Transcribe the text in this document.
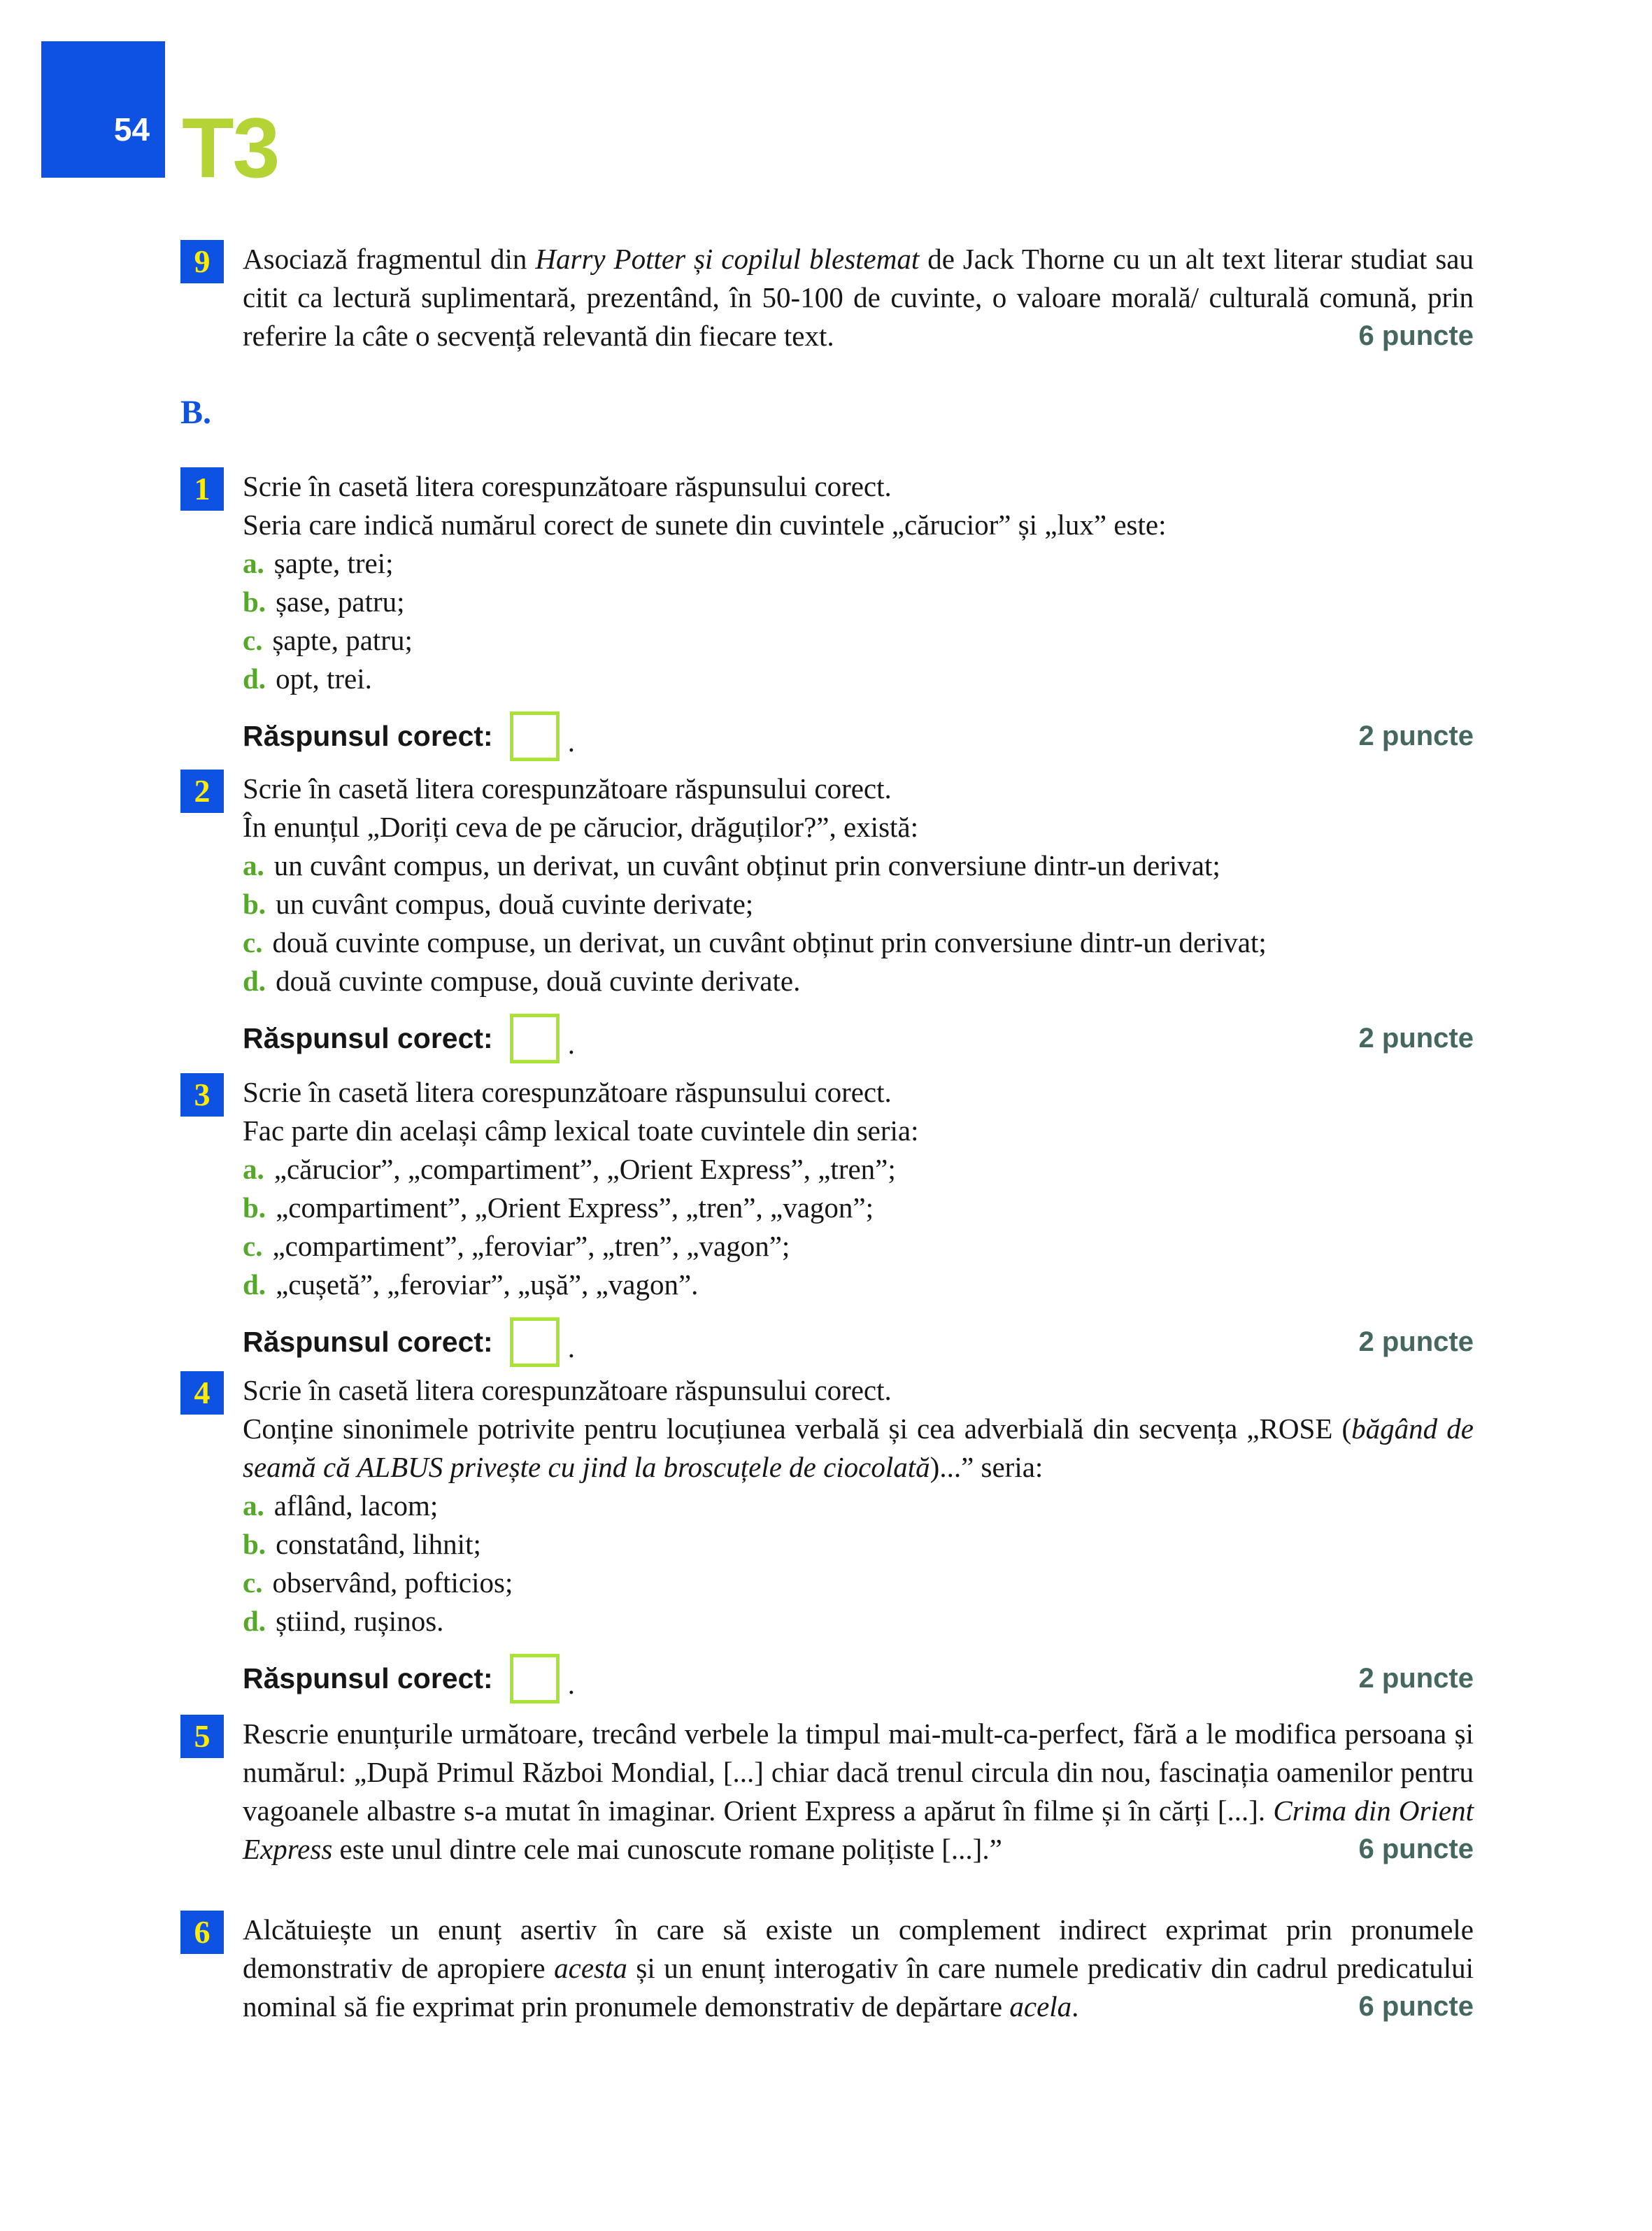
54 T3
9	Asociază fragmentul din Harry Potter și copilul blestemat de Jack Thorne cu un alt text literar studiat sau citit ca lectură suplimentară, prezentând, în 50-100 de cuvinte, o valoare morală/ culturală comună, prin referire la câte o secvență relevantă din fiecare text.	6 puncte
B.
1	Scrie în casetă litera corespunzătoare răspunsului corect.
Seria care indică numărul corect de sunete din cuvintele „cărucior” și „lux” este:
a. șapte, trei;
b. șase, patru;
c. șapte, patru;
d. opt, trei.
Răspunsul corect:	.	2 puncte
2	Scrie în casetă litera corespunzătoare răspunsului corect.
În enunțul „Doriți ceva de pe cărucior, drăguților?”, există:
a. un cuvânt compus, un derivat, un cuvânt obținut prin conversiune dintr-un derivat;
b. un cuvânt compus, două cuvinte derivate;
c. două cuvinte compuse, un derivat, un cuvânt obținut prin conversiune dintr-un derivat;
d. două cuvinte compuse, două cuvinte derivate.
Răspunsul corect:	.	2 puncte
3	Scrie în casetă litera corespunzătoare răspunsului corect.
Fac parte din același câmp lexical toate cuvintele din seria:
a. „cărucior”, „compartiment”, „Orient Express”, „tren”;
b. „compartiment”, „Orient Express”, „tren”, „vagon”;
c. „compartiment”, „feroviar”, „tren”, „vagon”;
d. „cușetă”, „feroviar”, „ușă”, „vagon”.
Răspunsul corect:	.	2 puncte
4	Scrie în casetă litera corespunzătoare răspunsului corect.
Conține sinonimele potrivite pentru locuțiunea verbală și cea adverbială din secvența „ROSE (băgând de seamă că ALBUS privește cu jind la broscuțele de ciocolată)...” seria:
a. aflând, lacom;
b. constatând, lihnit;
c. observând, pofticios;
d. știind, rușinos.
Răspunsul corect:	.	2 puncte
5	Rescrie enunțurile următoare, trecând verbele la timpul mai-mult-ca-perfect, fără a le modifica persoana și numărul: „După Primul Război Mondial, [...] chiar dacă trenul circula din nou, fascinația oamenilor pentru vagoanele albastre s-a mutat în imaginar. Orient Express a apărut în filme și în cărți [...]. Crima din Orient Express este unul dintre cele mai cunoscute romane polițiste [...].”	6 puncte
6	Alcătuiește un enunț asertiv în care să existe un complement indirect exprimat prin pronumele demonstrativ de apropiere acesta și un enunț interogativ în care numele predicativ din cadrul predicatului nominal să fie exprimat prin pronumele demonstrativ de depărtare acela.	6 puncte
